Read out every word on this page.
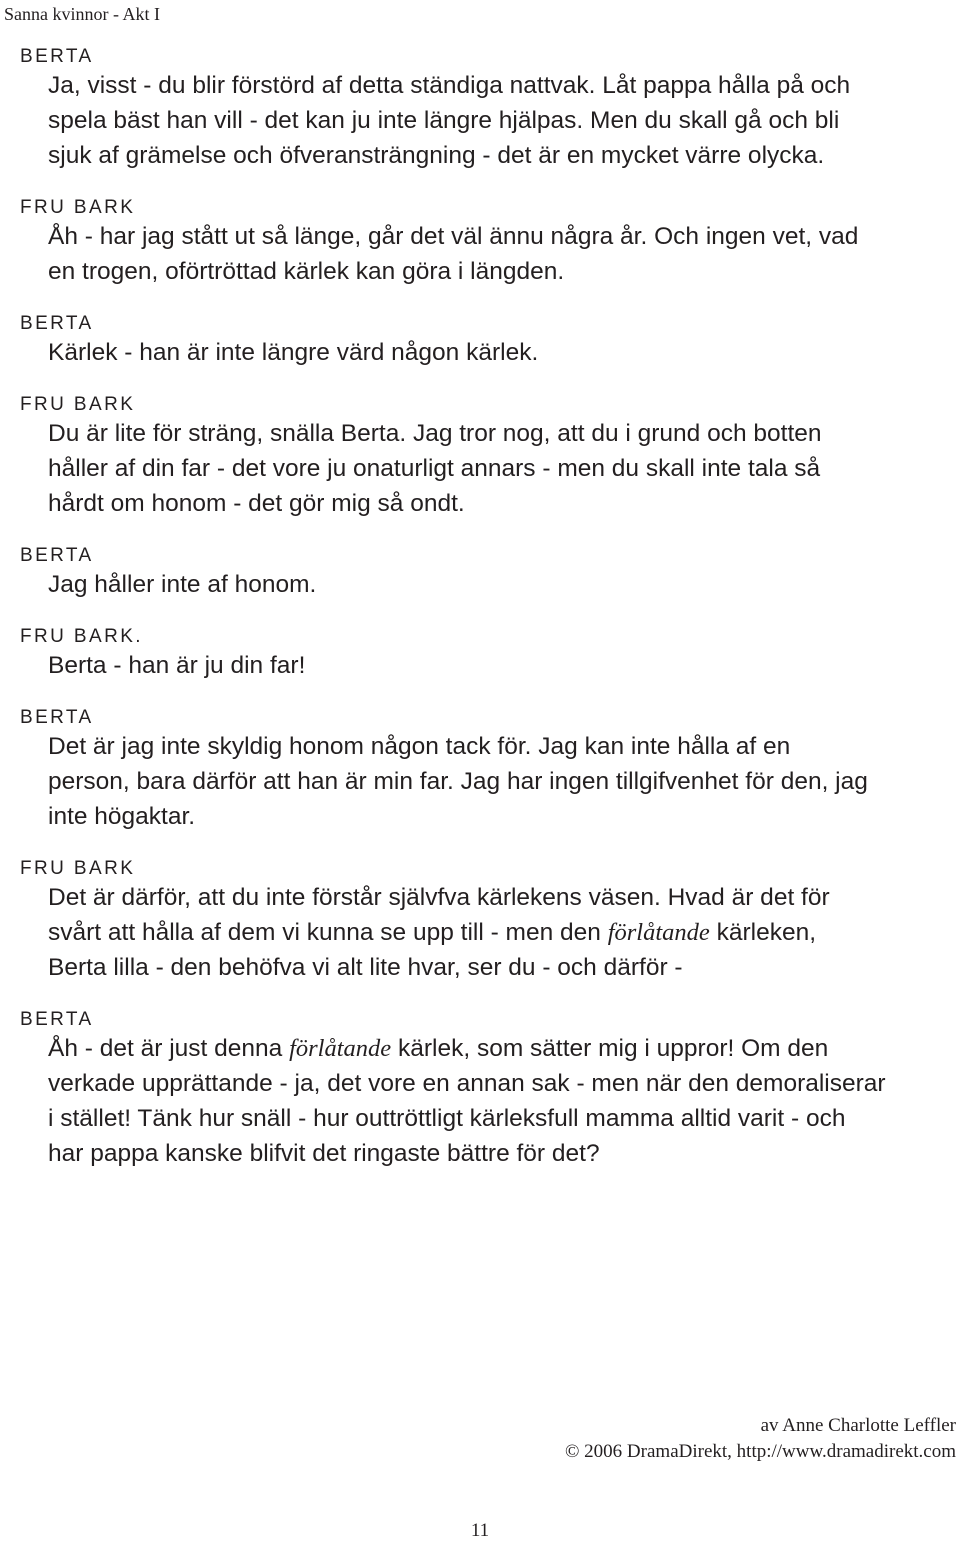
Sanna kvinnor - Akt I
BERTA
Ja, visst - du blir förstörd af detta ständiga nattvak. Låt pappa hålla på och
spela bäst han vill - det kan ju inte längre hjälpas. Men du skall gå och bli
sjuk af grämelse och öfveransträngning - det är en mycket värre olycka.
FRU BARK
Åh - har jag stått ut så länge, går det väl ännu några år. Och ingen vet, vad
en trogen, oförtröttad kärlek kan göra i längden.
BERTA
Kärlek - han är inte längre värd någon kärlek.
FRU BARK
Du är lite för sträng, snälla Berta. Jag tror nog, att du i grund och botten
håller af din far - det vore ju onaturligt annars - men du skall inte tala så
hårdt om honom - det gör mig så ondt.
BERTA
Jag håller inte af honom.
FRU BARK.
Berta - han är ju din far!
BERTA
Det är jag inte skyldig honom någon tack för. Jag kan inte hålla af en
person, bara därför att han är min far. Jag har ingen tillgifvenhet för den, jag
inte högaktar.
FRU BARK
Det är därför, att du inte förstår självfva kärlekens väsen. Hvad är det för
svårt att hålla af dem vi kunna se upp till - men den förlåtande kärleken,
Berta lilla - den behöfva vi alt lite hvar, ser du - och därför -
BERTA
Åh - det är just denna förlåtande kärlek, som sätter mig i uppror! Om den
verkade upprättande - ja, det vore en annan sak - men när den demoraliserar
i stället! Tänk hur snäll - hur outtröttligt kärleksfull mamma alltid varit - och
har pappa kanske blifvit det ringaste bättre för det?
av Anne Charlotte Leffler
© 2006 DramaDirekt, http://www.dramadirekt.com
11
